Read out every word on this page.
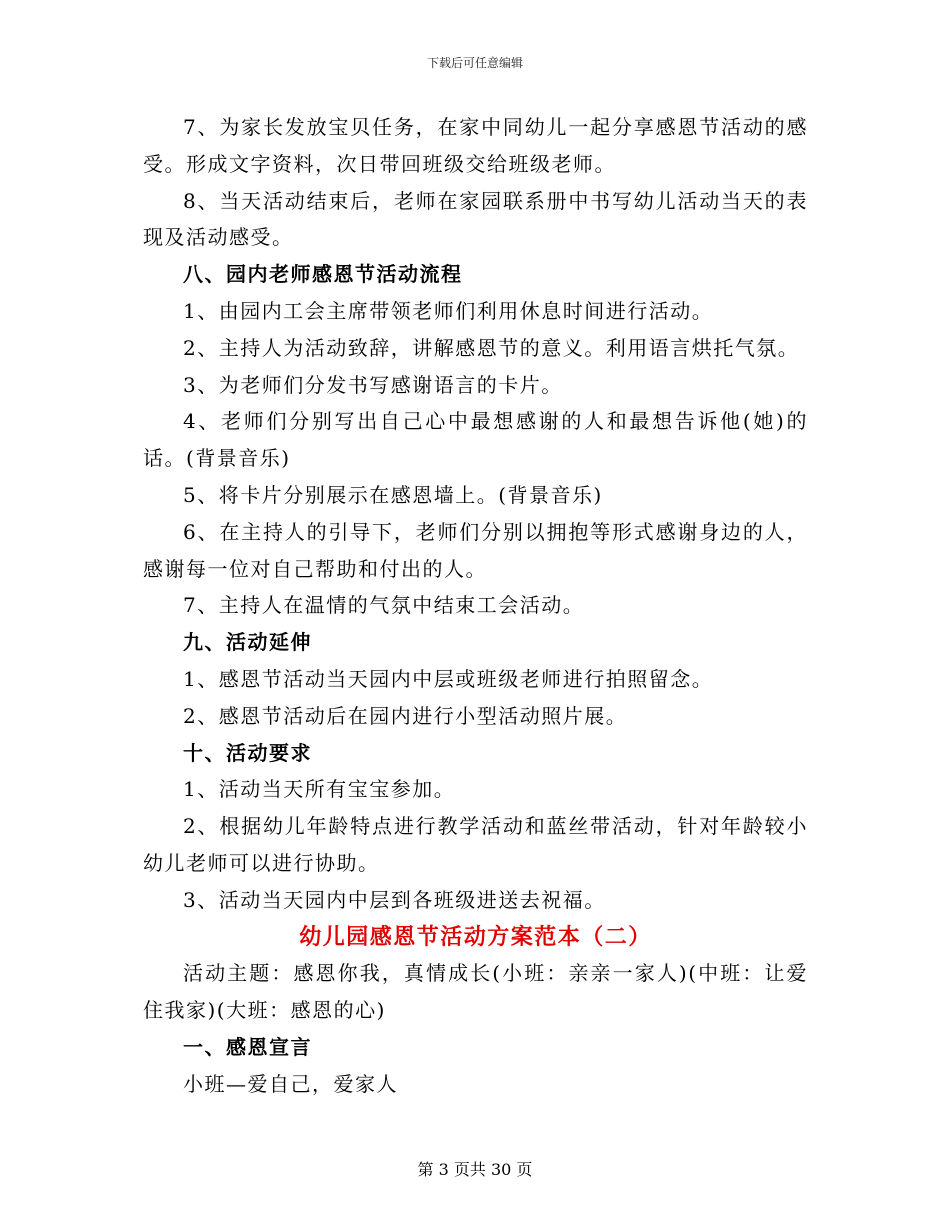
下载后可任意编辑

7、为家长发放宝贝任务，在家中同幼儿一起分享感恩节活动的感受。形成文字资料，次日带回班级交给班级老师。

8、当天活动结束后，老师在家园联系册中书写幼儿活动当天的表现及活动感受。

八、园内老师感恩节活动流程

1、由园内工会主席带领老师们利用休息时间进行活动。

2、主持人为活动致辞，讲解感恩节的意义。利用语言烘托气氛。

3、为老师们分发书写感谢语言的卡片。

4、老师们分别写出自己心中最想感谢的人和最想告诉他(她)的话。(背景音乐)

5、将卡片分别展示在感恩墙上。(背景音乐)

6、在主持人的引导下，老师们分别以拥抱等形式感谢身边的人，感谢每一位对自己帮助和付出的人。

7、主持人在温情的气氛中结束工会活动。

九、活动延伸

1、感恩节活动当天园内中层或班级老师进行拍照留念。

2、感恩节活动后在园内进行小型活动照片展。

十、活动要求

1、活动当天所有宝宝参加。

2、根据幼儿年龄特点进行教学活动和蓝丝带活动，针对年龄较小幼儿老师可以进行协助。

3、活动当天园内中层到各班级进送去祝福。

幼儿园感恩节活动方案范本（二）

活动主题：感恩你我，真情成长(小班：亲亲一家人)(中班：让爱住我家)(大班：感恩的心)

一、感恩宣言

小班—爱自己，爱家人

第 3 页共 30 页
